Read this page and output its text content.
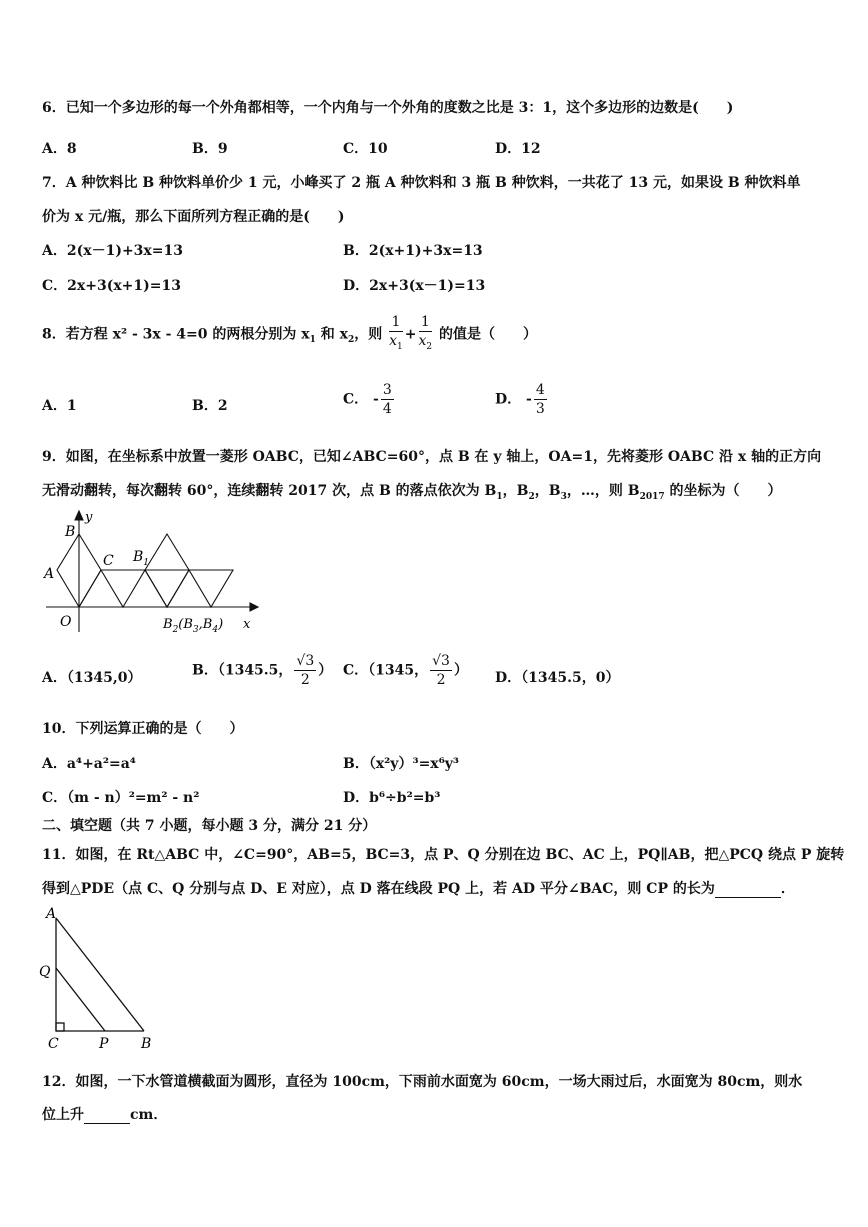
6．已知一个多边形的每一个外角都相等，一个内角与一个外角的度数之比是 3：1，这个多边形的边数是(　　)
A．8	B．9	C．10	D．12
7．A 种饮料比 B 种饮料单价少 1 元，小峰买了 2 瓶 A 种饮料和 3 瓶 B 种饮料，一共花了 13 元，如果设 B 种饮料单
价为 x 元/瓶，那么下面所列方程正确的是(　　)
A．2(x－1)+3x=13	B．2(x+1)+3x=13
C．2x+3(x+1)=13	D．2x+3(x－1)=13
8．若方程 x² - 3x - 4=0 的两根分别为 $x_1$ 和 $x_2$，则 $\frac{1}{x_1} + \frac{1}{x_2}$ 的值是（　　）
A．1	B．2	C． - $\frac{3}{4}$	D． - $\frac{4}{3}$
9．如图，在坐标系中放置一菱形 OABC，已知∠ABC=60°，点 B 在 y 轴上，OA=1，先将菱形 OABC 沿 x 轴的正方向
无滑动翻转，每次翻转 60°，连续翻转 2017 次，点 B 的落点依次为 $B_1$，$B_2$，$B_3$，…，则 $B_{2017}$ 的坐标为（　　）
B
y
A
C $B_1$
O	$B_2(B_3,B_4)$ x
A．（1345,0）	B．（1345.5， $\frac{√3}{2}$ ） C．（1345， $\frac{√3}{2}$ ） D．（1345.5，0）
10．下列运算正确的是（　　）
A．a⁴+a²=a⁴	B．（x²y）³=x⁶y³
C．（m - n）²=m² - n²	D．b⁶÷b²=b³
二、填空题（共 7 小题，每小题 3 分，满分 21 分）
11．如图，在 Rt△ABC 中，∠C=90°，AB=5，BC=3，点 P、Q 分别在边 BC、AC 上，PQ∥AB，把△PCQ 绕点 P 旋转
得到△PDE（点 C、Q 分别与点 D、E 对应），点 D 落在线段 PQ 上，若 AD 平分∠BAC，则 CP 的长为	．
A
Q
C	P B
12．如图，一下水管道横截面为圆形，直径为 100cm，下雨前水面宽为 60cm，一场大雨过后，水面宽为 80cm，则水
位上升	cm．
